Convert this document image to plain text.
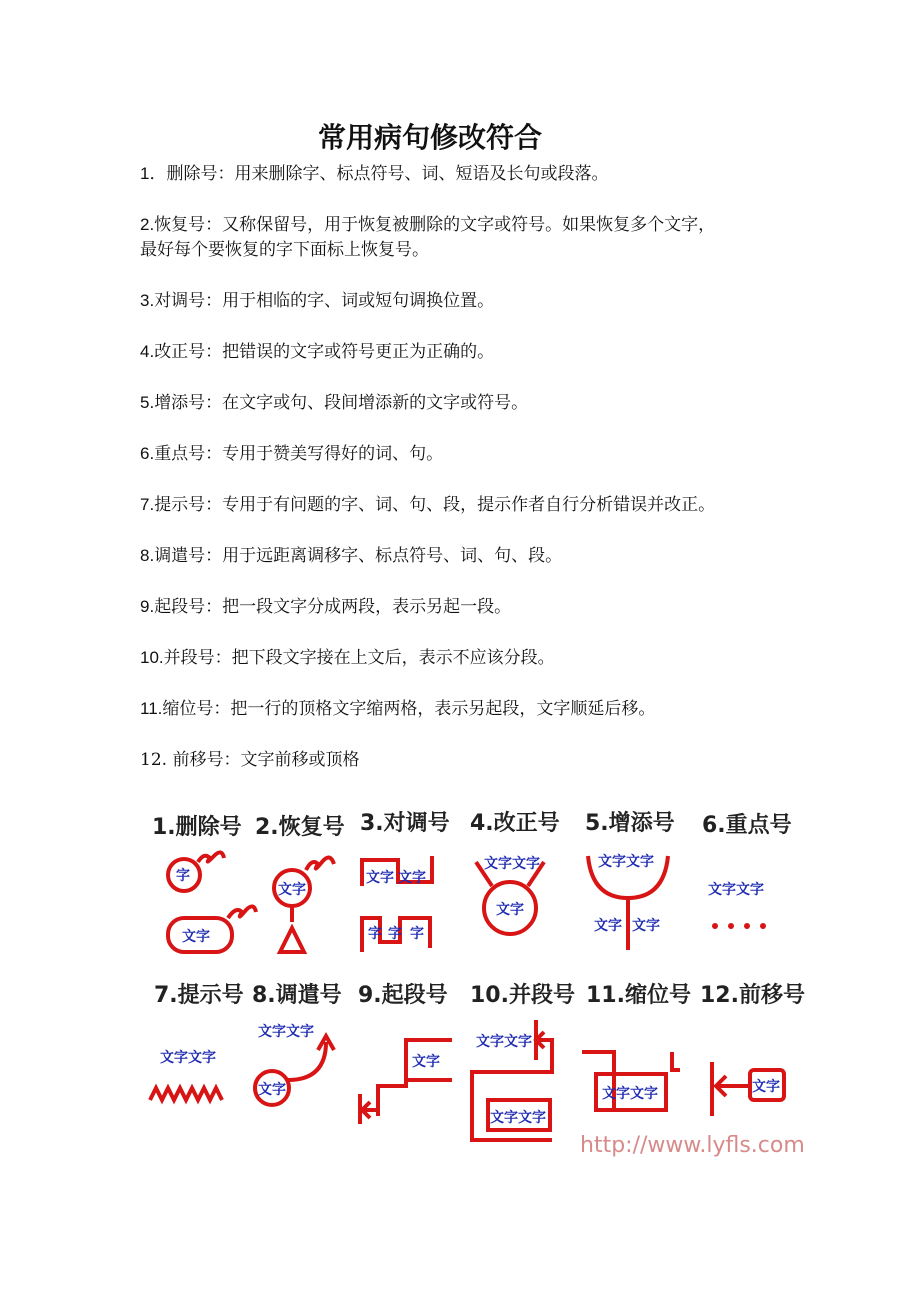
常用病句修改符合
1．删除号：用来删除字、标点符号、词、短语及长句或段落。
2.恢复号：又称保留号，用于恢复被删除的文字或符号。如果恢复多个文字，
最好每个要恢复的字下面标上恢复号。
3.对调号：用于相临的字、词或短句调换位置。
4.改正号：把错误的文字或符号更正为正确的。
5.增添号：在文字或句、段间增添新的文字或符号。
6.重点号：专用于赞美写得好的词、句。
7.提示号：专用于有问题的字、词、句、段，提示作者自行分析错误并改正。
8.调遣号：用于远距离调移字、标点符号、词、句、段。
9.起段号：把一段文字分成两段，表示另起一段。
10.并段号：把下段文字接在上文后，表示不应该分段。
11.缩位号：把一行的顶格文字缩两格，表示另起段，文字顺延后移。
12. 前移号：文字前移或顶格
1.删除号 2.恢复号 3.对调号 4.改正号 5.增添号 6.重点号
7.提示号 8.调遣号 9.起段号 10.并段号 11.缩位号 12.前移号
字
文字
文字
文字 文字
字 字 字
文字文字
文字
文字文字
文字 文字
文字文字
文字文字
文字文字
文字
文字
文字文字
文字文字
文字文字	文字
http://www.lyfls.com
